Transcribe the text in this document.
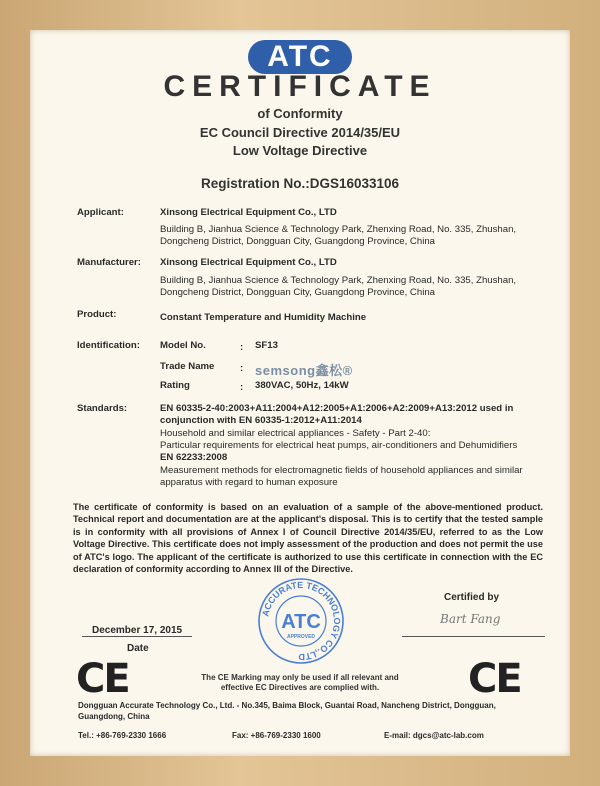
ATC
CERTIFICATE
of Conformity
EC Council Directive 2014/35/EU
Low Voltage Directive
Registration No.:DGS16033106
Applicant:	Xinsong Electrical Equipment Co., LTD
Building B, Jianhua Science & Technology Park, Zhenxing Road, No. 335, Zhushan,
Dongcheng District, Dongguan City, Guangdong Province, China
Manufacturer: Xinsong Electrical Equipment Co., LTD
Building B, Jianhua Science & Technology Park, Zhenxing Road, No. 335, Zhushan,
Dongcheng District, Dongguan City, Guangdong Province, China
Product:	Constant Temperature and Humidity Machine
Identification: Model No.	: SF13
Trade Name	: semsong鑫松®
Rating	: 380VAC, 50Hz, 14kW
Standards:	EN 60335-2-40:2003+A11:2004+A12:2005+A1:2006+A2:2009+A13:2012 used in
conjunction with EN 60335-1:2012+A11:2014
Household and similar electrical appliances - Safety - Part 2-40:
Particular requirements for electrical heat pumps, air-conditioners and Dehumidifiers
EN 62233:2008
Measurement methods for electromagnetic fields of household appliances and similar
apparatus with regard to human exposure
The certificate of conformity is based on an evaluation of a sample of the above-mentioned product. Technical report and documentation are at the applicant's disposal. This is to certify that the tested sample is in conformity with all provisions of Annex I of Council Directive 2014/35/EU, referred to as the Low Voltage Directive. This certificate does not imply assessment of the production and does not permit the use of ATC's logo. The applicant of the certificate is authorized to use this certificate in connection with the EC declaration of conformity according to Annex III of the Directive.
Certified by
Bart Fang
December 17, 2015
Date
ACCURATE TECHNOLOGY CO.,LTD
ATC
APPROVED
CE	CE
The CE Marking may only be used if all relevant and
effective EC Directives are complied with.
Dongguan Accurate Technology Co., Ltd. - No.345, Baima Block, Guantai Road, Nancheng District, Dongguan,
Guangdong, China
Tel.: +86-769-2330 1666	Fax: +86-769-2330 1600	E-mail: dgcs@atc-lab.com
